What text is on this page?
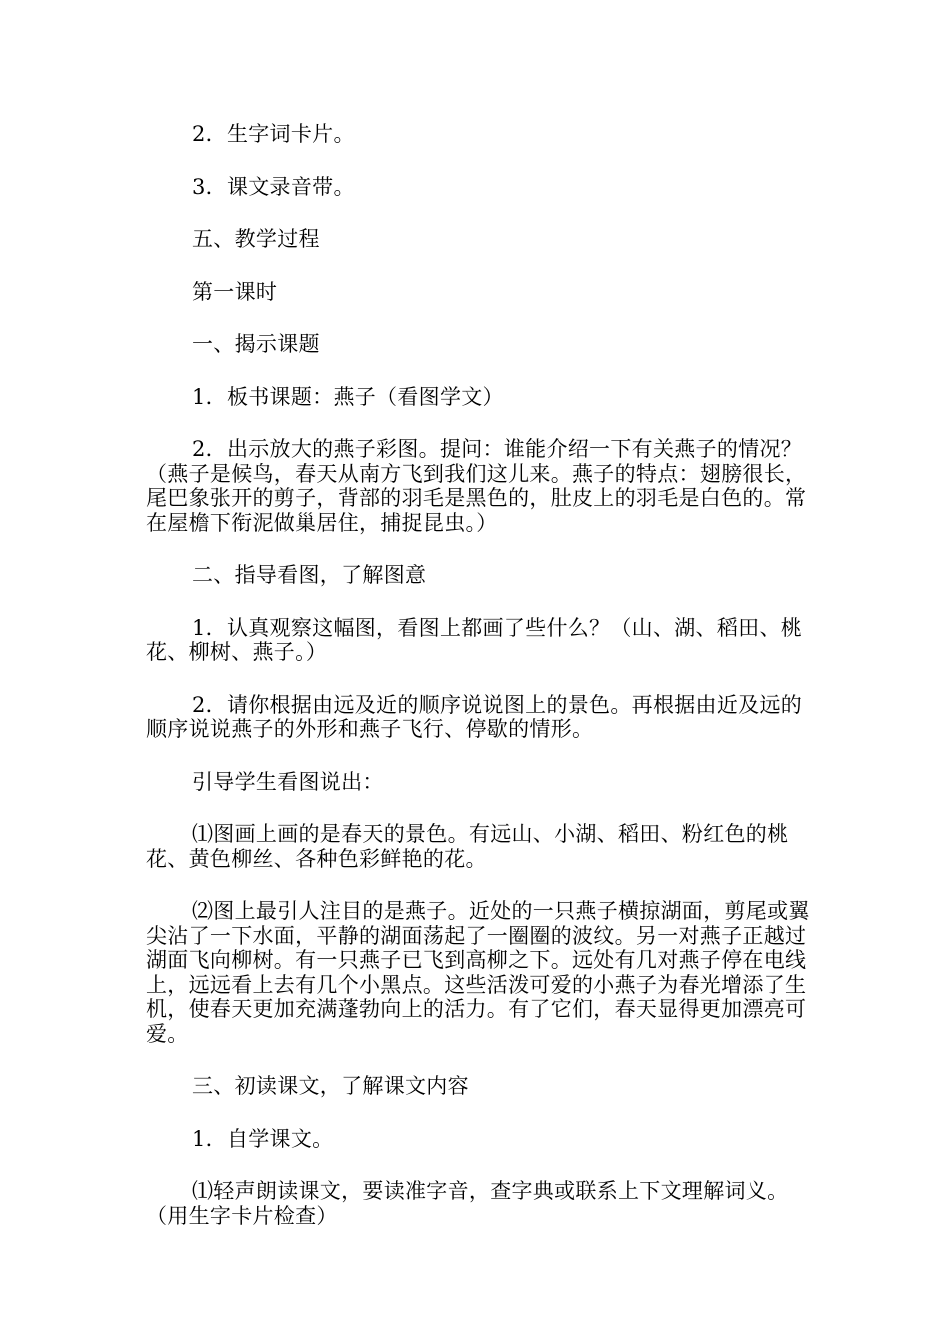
2．生字词卡片。

3．课文录音带。

五、教学过程

第一课时

一、揭示课题

1．板书课题：燕子（看图学文）

2．出示放大的燕子彩图。提问：谁能介绍一下有关燕子的情况？（燕子是候鸟，春天从南方飞到我们这儿来。燕子的特点：翅膀很长，尾巴象张开的剪子，背部的羽毛是黑色的，肚皮上的羽毛是白色的。常在屋檐下衔泥做巢居住，捕捉昆虫。）

二、指导看图，了解图意

1．认真观察这幅图，看图上都画了些什么？（山、湖、稻田、桃花、柳树、燕子。）

2．请你根据由远及近的顺序说说图上的景色。再根据由近及远的顺序说说燕子的外形和燕子飞行、停歇的情形。

引导学生看图说出：

⑴图画上画的是春天的景色。有远山、小湖、稻田、粉红色的桃花、黄色柳丝、各种色彩鲜艳的花。

⑵图上最引人注目的是燕子。近处的一只燕子横掠湖面，剪尾或翼尖沾了一下水面，平静的湖面荡起了一圈圈的波纹。另一对燕子正越过湖面飞向柳树。有一只燕子已飞到高柳之下。远处有几对燕子停在电线上，远远看上去有几个小黑点。这些活泼可爱的小燕子为春光增添了生机，使春天更加充满蓬勃向上的活力。有了它们，春天显得更加漂亮可爱。

三、初读课文，了解课文内容

1．自学课文。

⑴轻声朗读课文，要读准字音，查字典或联系上下文理解词义。（用生字卡片检查）
